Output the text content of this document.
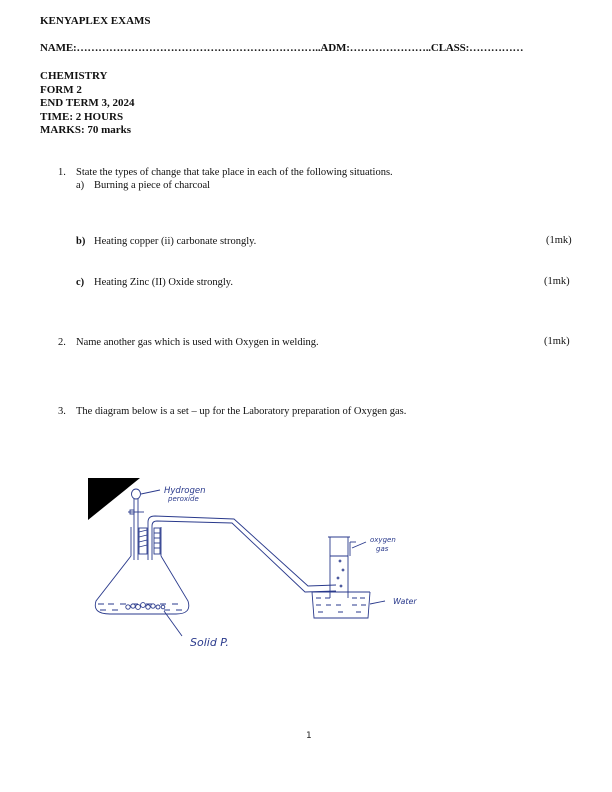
KENYAPLEX EXAMS
NAME:…………………………………………………………..ADM:…………………..CLASS:……………
CHEMISTRY
FORM 2
END TERM 3, 2024
TIME: 2 HOURS
MARKS: 70 marks
1. State the types of change that take place in each of the following situations.
a) Burning a piece of charcoal
b) Heating copper (ii) carbonate strongly.	(1mk)
c) Heating Zinc (II) Oxide strongly.	(1mk)
2. Name another gas which is used with Oxygen in welding.	(1mk)
3. The diagram below is a set – up for the Laboratory preparation of Oxygen gas.
Hydrogen
peroxide
oxygen
gas
Water
Solid P.
1
